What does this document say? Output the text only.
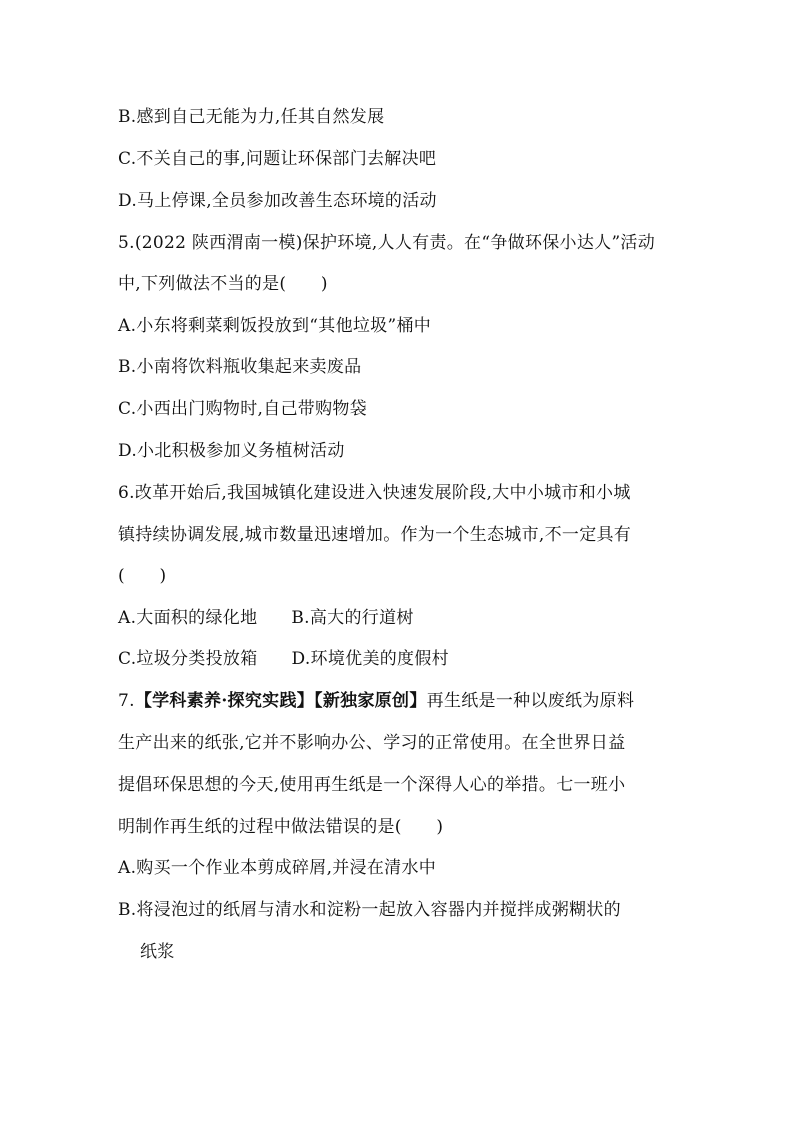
B.感到自己无能为力,任其自然发展
C.不关自己的事,问题让环保部门去解决吧
D.马上停课,全员参加改善生态环境的活动
5.(2022 陕西渭南一模)保护环境,人人有责。在“争做环保小达人”活动
中,下列做法不当的是(　　)
A.小东将剩菜剩饭投放到“其他垃圾”桶中
B.小南将饮料瓶收集起来卖废品
C.小西出门购物时,自己带购物袋
D.小北积极参加义务植树活动
6.改革开始后,我国城镇化建设进入快速发展阶段,大中小城市和小城
镇持续协调发展,城市数量迅速增加。作为一个生态城市,不一定具有
(　　)
A.大面积的绿化地 B.高大的行道树
C.垃圾分类投放箱 D.环境优美的度假村
7.【学科素养·探究实践】【新独家原创】再生纸是一种以废纸为原料
生产出来的纸张,它并不影响办公、学习的正常使用。在全世界日益
提倡环保思想的今天,使用再生纸是一个深得人心的举措。七一班小
明制作再生纸的过程中做法错误的是(　　)
A.购买一个作业本剪成碎屑,并浸在清水中
B.将浸泡过的纸屑与清水和淀粉一起放入容器内并搅拌成粥糊状的
纸浆
